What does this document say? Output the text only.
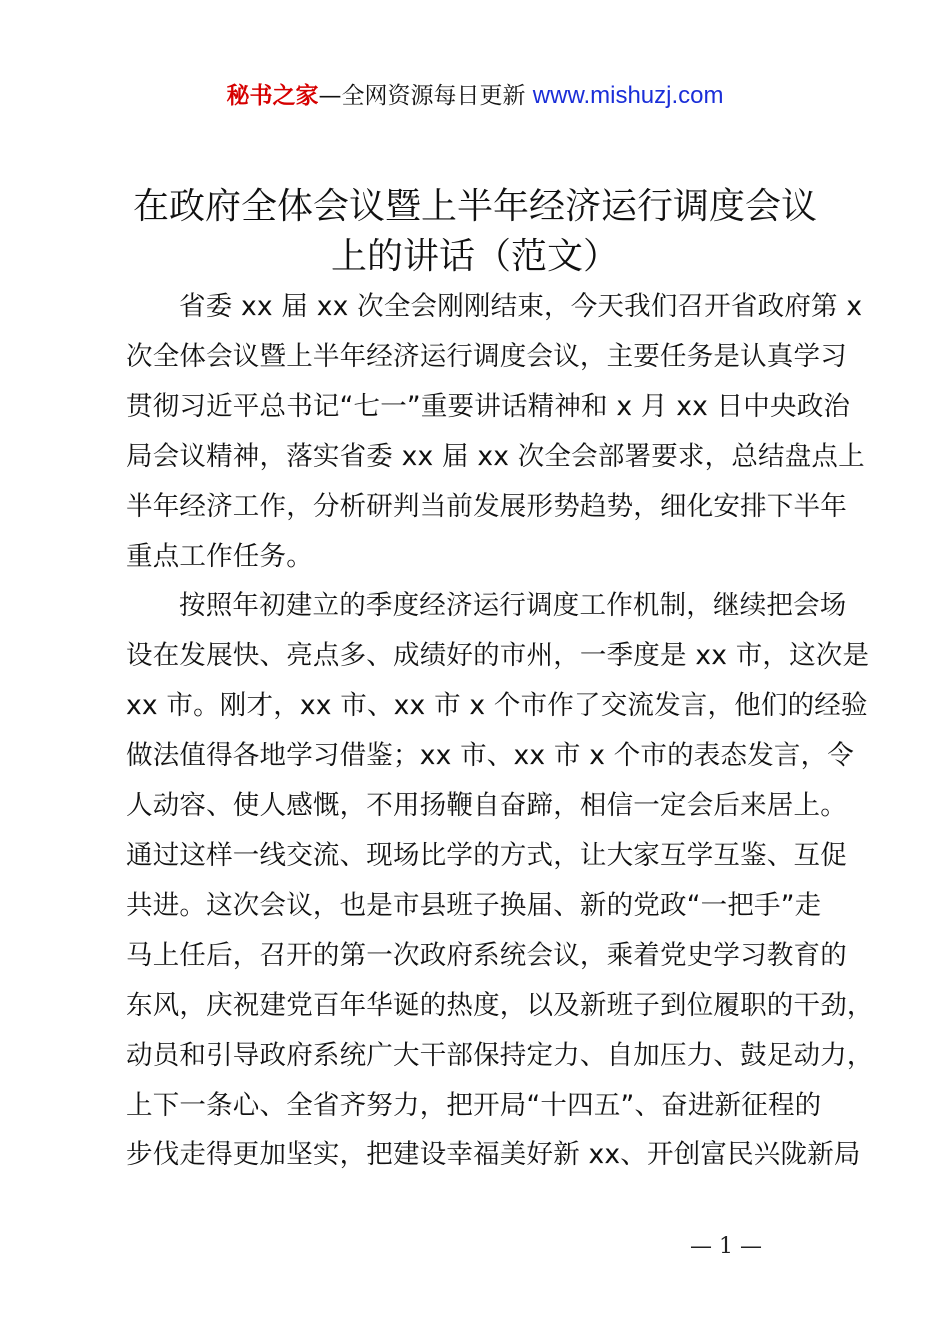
秘书之家—全网资源每日更新 www.mishuzj.com
在政府全体会议暨上半年经济运行调度会议
上的讲话（范文）
省委 xx 届 xx 次全会刚刚结束，今天我们召开省政府第 x
次全体会议暨上半年经济运行调度会议，主要任务是认真学习
贯彻习近平总书记“七一”重要讲话精神和 x 月 xx 日中央政治
局会议精神，落实省委 xx 届 xx 次全会部署要求，总结盘点上
半年经济工作，分析研判当前发展形势趋势，细化安排下半年
重点工作任务。
按照年初建立的季度经济运行调度工作机制，继续把会场
设在发展快、亮点多、成绩好的市州，一季度是 xx 市，这次是
xx 市。刚才，xx 市、xx 市 x 个市作了交流发言，他们的经验
做法值得各地学习借鉴；xx 市、xx 市 x 个市的表态发言，令
人动容、使人感慨，不用扬鞭自奋蹄，相信一定会后来居上。
通过这样一线交流、现场比学的方式，让大家互学互鉴、互促
共进。这次会议，也是市县班子换届、新的党政“一把手”走
马上任后，召开的第一次政府系统会议，乘着党史学习教育的
东风，庆祝建党百年华诞的热度，以及新班子到位履职的干劲，
动员和引导政府系统广大干部保持定力、自加压力、鼓足动力，
上下一条心、全省齐努力，把开局“十四五”、奋进新征程的
步伐走得更加坚实，把建设幸福美好新 xx、开创富民兴陇新局
— 1 —
